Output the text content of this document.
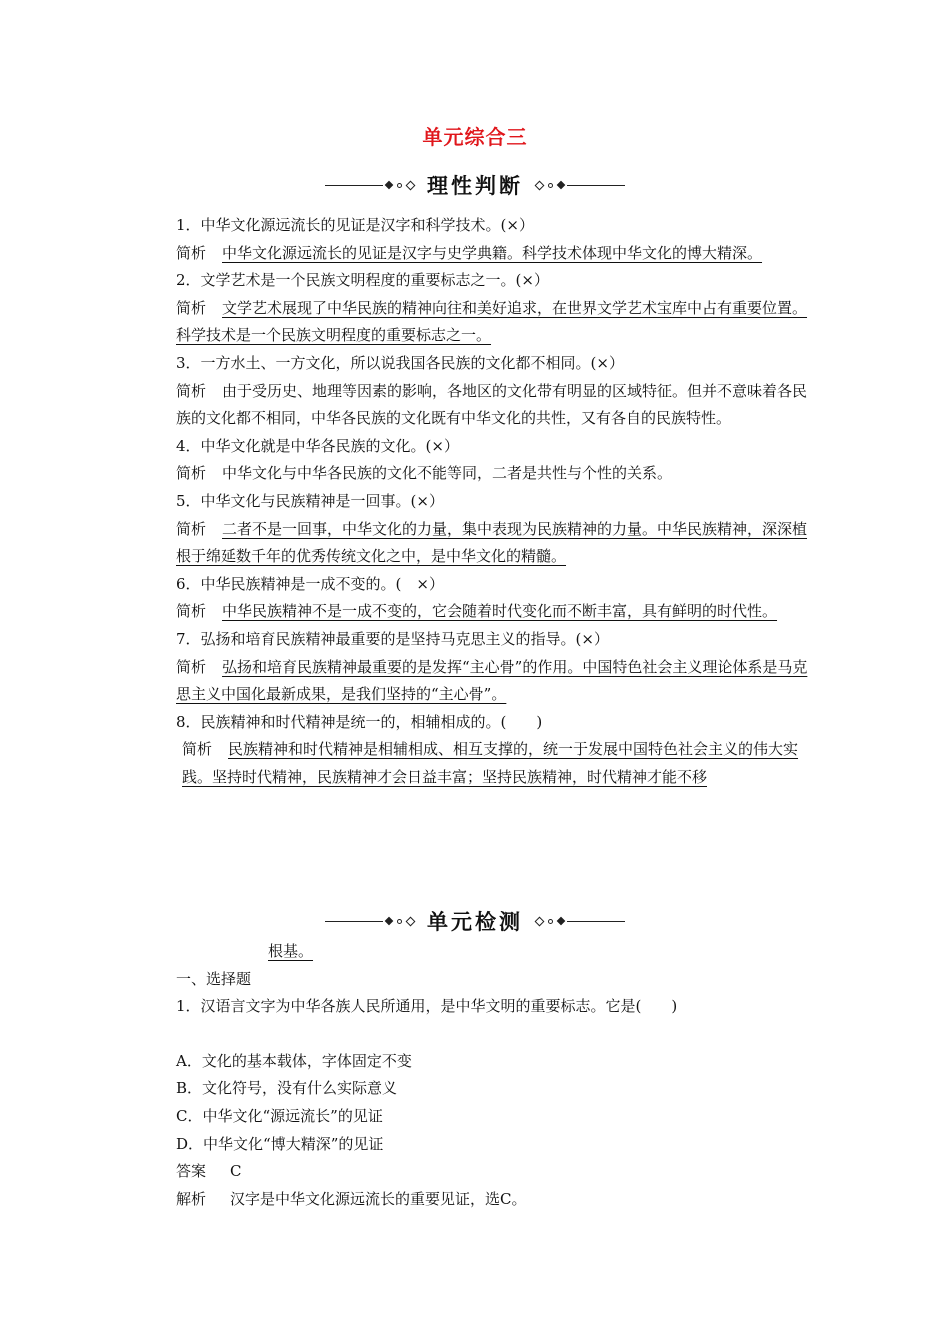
单元综合三
理性判断

1．中华文化源远流长的见证是汉字和科学技术。(×）

简析 中华文化源远流长的见证是汉字与史学典籍。科学技术体现中华文化的博大精深。

2．文学艺术是一个民族文明程度的重要标志之一。(×）

简析 文学艺术展现了中华民族的精神向往和美好追求，在世界文学艺术宝库中占有重要位置。科学技术是一个民族文明程度的重要标志之一。

3．一方水土、一方文化，所以说我国各民族的文化都不相同。(×）

简析 由于受历史、地理等因素的影响，各地区的文化带有明显的区域特征。但并不意味着各民族的文化都不相同，中华各民族的文化既有中华文化的共性，又有各自的民族特性。

4．中华文化就是中华各民族的文化。(×）

简析 中华文化与中华各民族的文化不能等同，二者是共性与个性的关系。

5．中华文化与民族精神是一回事。(×）

简析 二者不是一回事，中华文化的力量，集中表现为民族精神的力量。中华民族精神，深深植根于绵延数千年的优秀传统文化之中，是中华文化的精髓。

6．中华民族精神是一成不变的。(　×）

简析 中华民族精神不是一成不变的，它会随着时代变化而不断丰富，具有鲜明的时代性。

7．弘扬和培育民族精神最重要的是坚持马克思主义的指导。(×）

简析 弘扬和培育民族精神最重要的是发挥“主心骨”的作用。中国特色社会主义理论体系是马克思主义中国化最新成果，是我们坚持的“主心骨”。

8．民族精神和时代精神是统一的，相辅相成的。(　　)

简析 民族精神和时代精神是相辅相成、相互支撑的，统一于发展中国特色社会主义的伟大实践。坚持时代精神，民族精神才会日益丰富；坚持民族精神，时代精神才能不移

单元检测

根基。

一、选择题

1．汉语言文字为中华各族人民所通用，是中华文明的重要标志。它是(　　)

A．文化的基本载体，字体固定不变

B．文化符号，没有什么实际意义

C．中华文化“源远流长”的见证

D．中华文化“博大精深”的见证

答案 C

解析 汉字是中华文化源远流长的重要见证，选C。
